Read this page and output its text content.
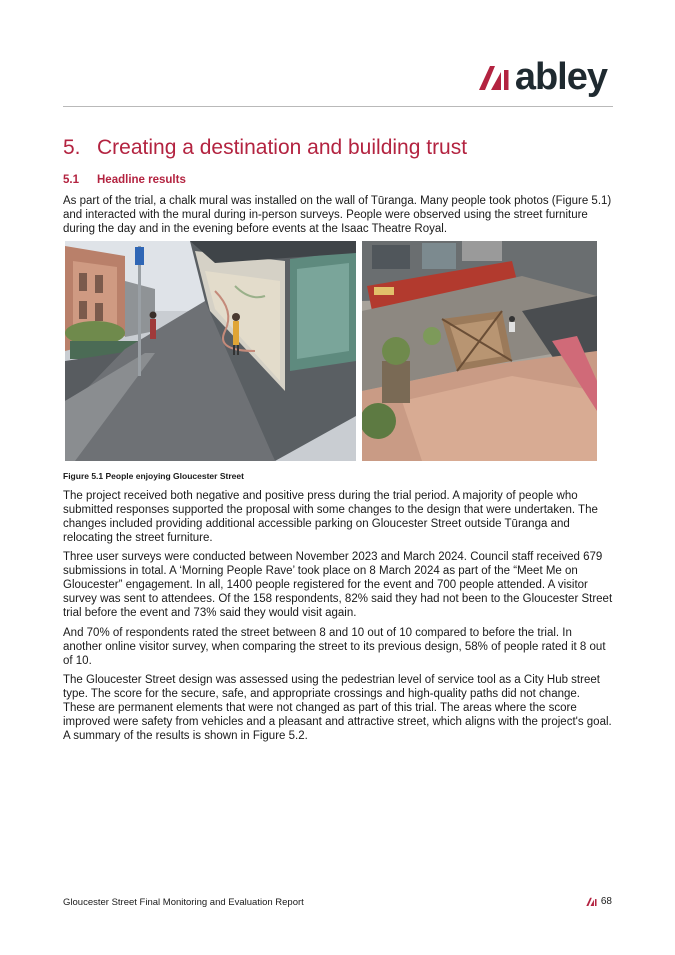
abley
5. Creating a destination and building trust
5.1 Headline results

As part of the trial, a chalk mural was installed on the wall of Tūranga. Many people took photos (Figure 5.1) and interacted with the mural during in-person surveys. People were observed using the street furniture during the day and in the evening before events at the Isaac Theatre Royal.

Figure 5.1 People enjoying Gloucester Street

The project received both negative and positive press during the trial period. A majority of people who submitted responses supported the proposal with some changes to the design that were undertaken. The changes included providing additional accessible parking on Gloucester Street outside Tūranga and relocating the street furniture.

Three user surveys were conducted between November 2023 and March 2024. Council staff received 679 submissions in total. A ‘Morning People Rave’ took place on 8 March 2024 as part of the “Meet Me on Gloucester” engagement. In all, 1400 people registered for the event and 700 people attended. A visitor survey was sent to attendees. Of the 158 respondents, 82% said they had not been to the Gloucester Street trial before the event and 73% said they would visit again.

And 70% of respondents rated the street between 8 and 10 out of 10 compared to before the trial. In another online visitor survey, when comparing the street to its previous design, 58% of people rated it 8 out of 10.

The Gloucester Street design was assessed using the pedestrian level of service tool as a City Hub street type. The score for the secure, safe, and appropriate crossings and high-quality paths did not change. These are permanent elements that were not changed as part of this trial. The areas where the score improved were safety from vehicles and a pleasant and attractive street, which aligns with the project's goal. A summary of the results is shown in Figure 5.2.

Gloucester Street Final Monitoring and Evaluation Report	68
